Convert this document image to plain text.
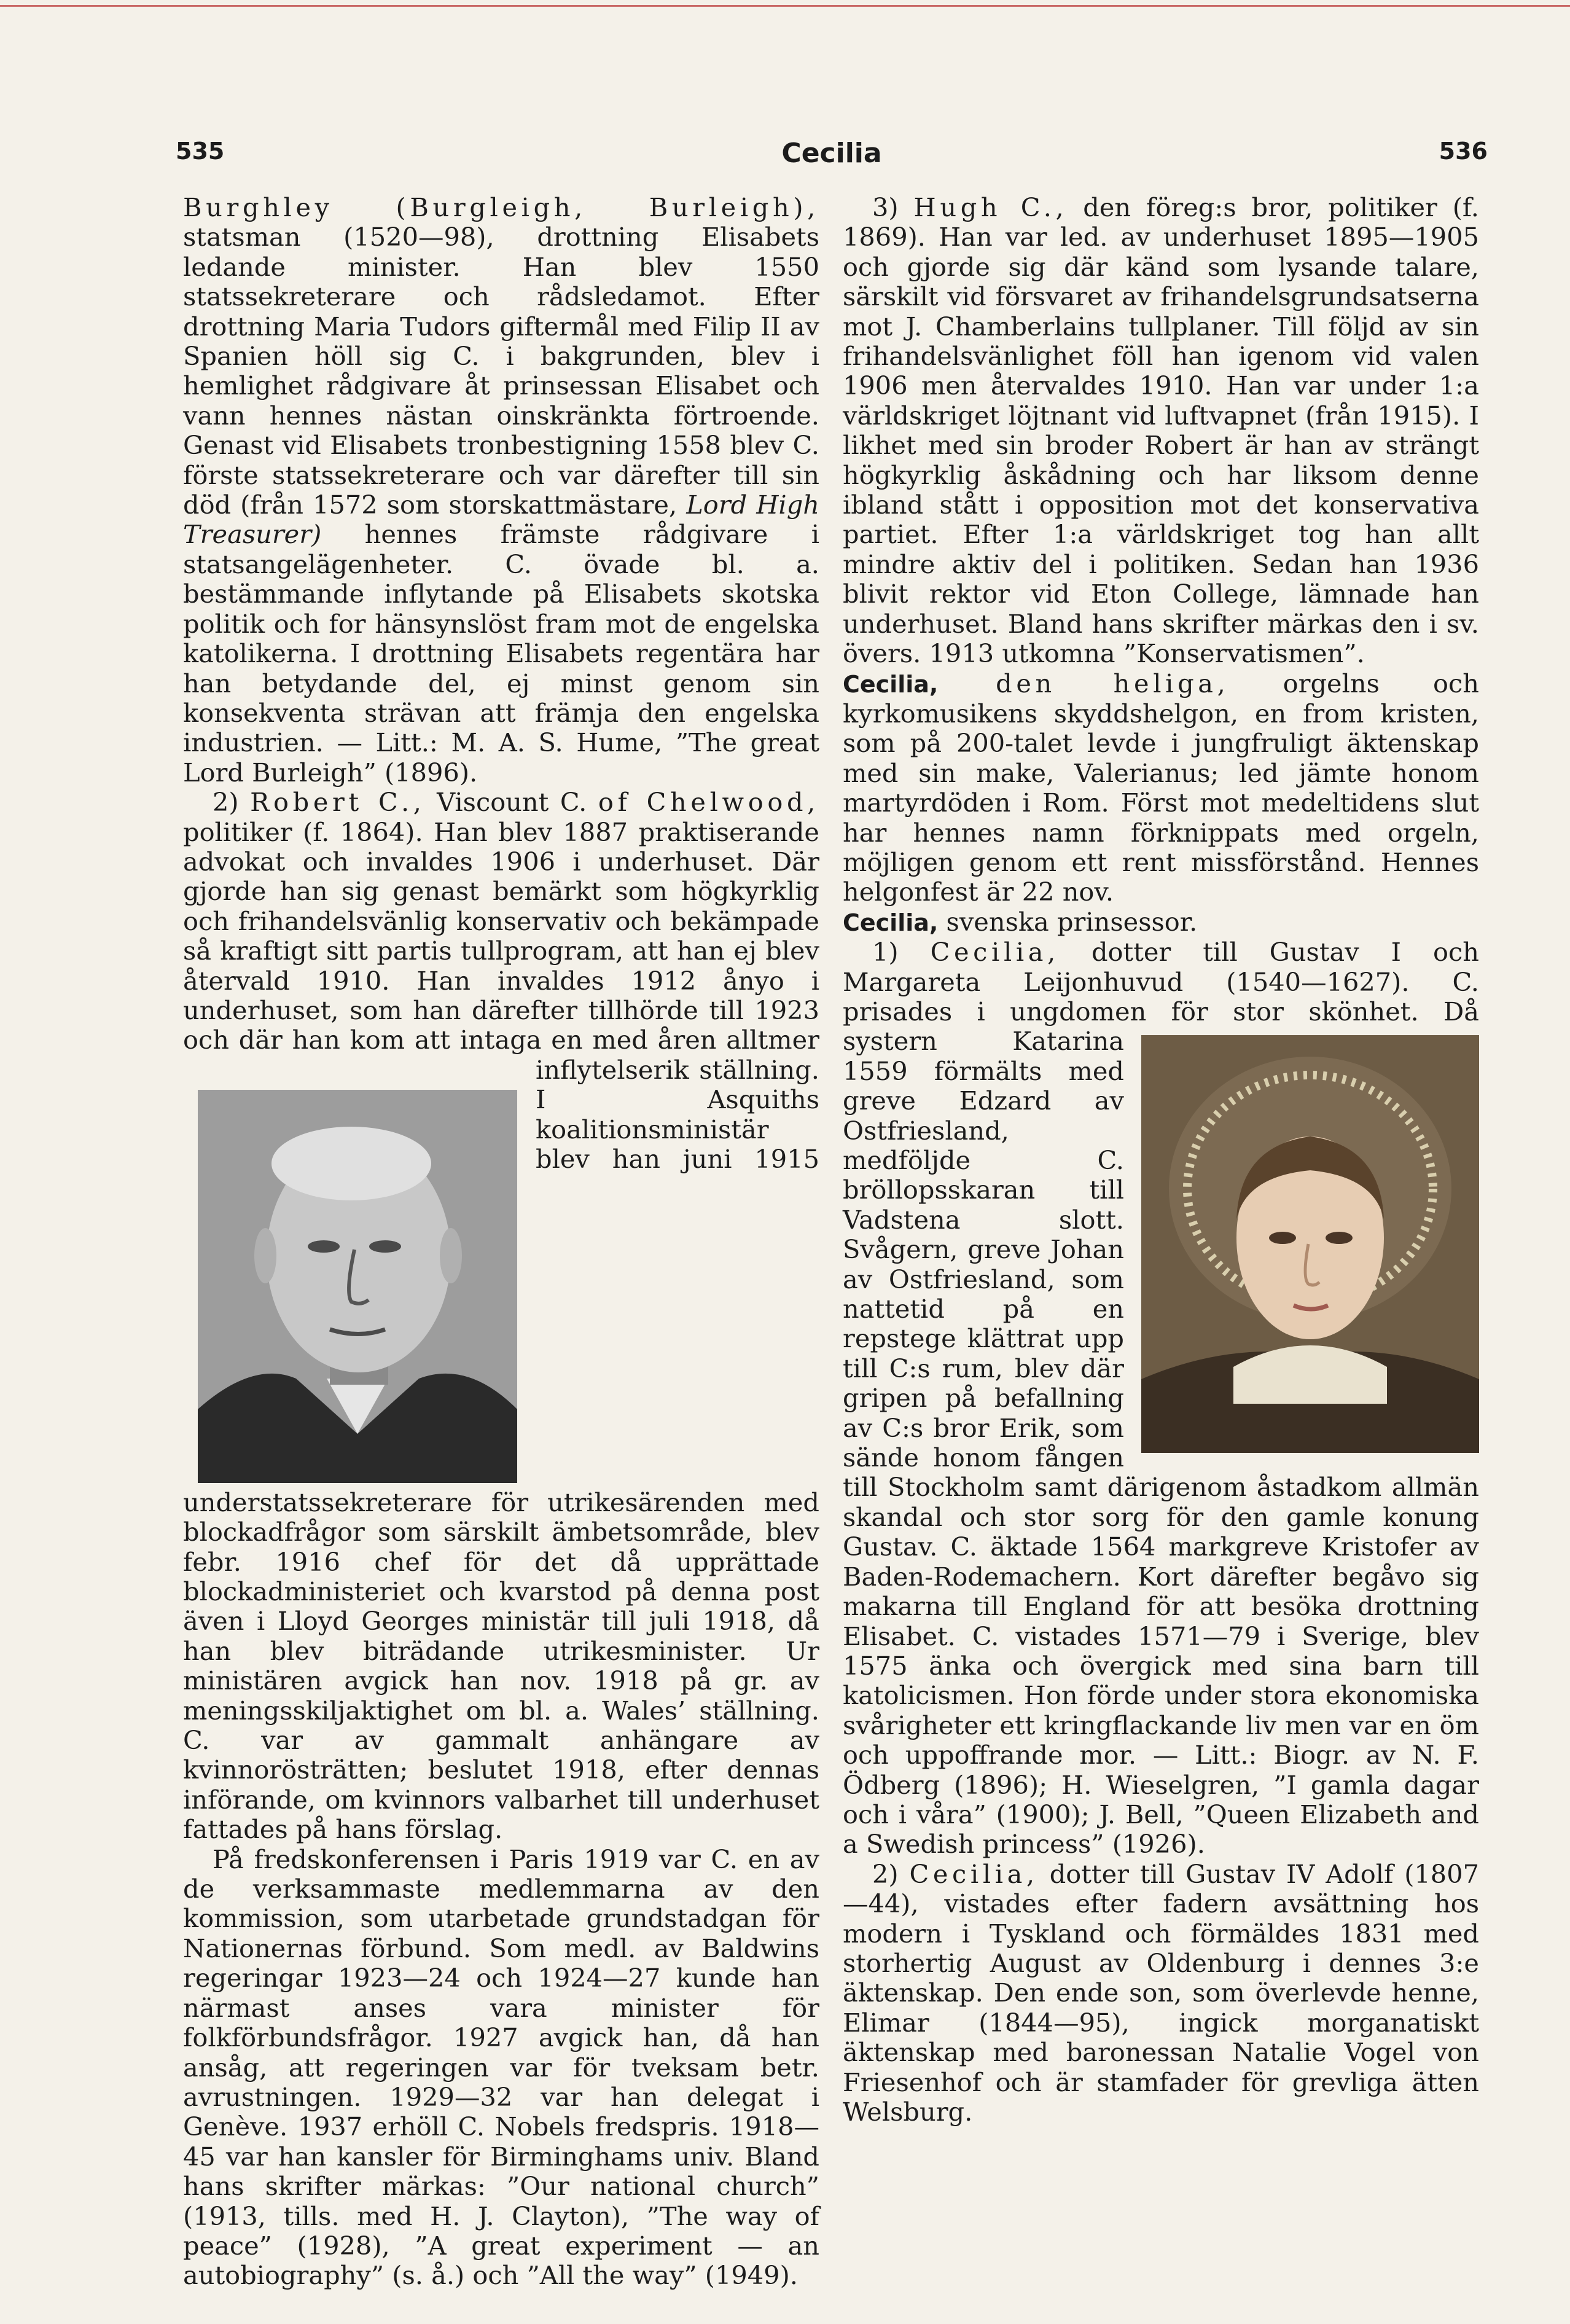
535	Cecilia	536

Burghley (Burgleigh, Burleigh), statsman (1520—98), drottning Elisabets ledande minister. Han blev 1550 statssekreterare och rådsledamot. Efter drottning Maria Tudors giftermål med Filip II av Spanien höll sig C. i bakgrunden, blev i hemlighet rådgivare åt prinsessan Elisabet och vann hennes nästan oinskränkta förtroende. Genast vid Elisabets tronbestigning 1558 blev C. förste statssekreterare och var därefter till sin död (från 1572 som storskattmästare, Lord High Treasurer) hennes främste rådgivare i statsangelägenheter. C. övade bl. a. bestämmande inflytande på Elisabets skotska politik och for hänsynslöst fram mot de engelska katolikerna. I drottning Elisabets regentära har han betydande del, ej minst genom sin konsekventa strävan att främja den engelska industrien. — Litt.: M. A. S. Hume, ”The great Lord Burleigh” (1896).

2) Robert C., Viscount C. of Chelwood, politiker (f. 1864). Han blev 1887 praktiserande advokat och invaldes 1906 i underhuset. Där gjorde han sig genast bemärkt som högkyrklig och frihandelsvänlig konservativ och bekämpade så kraftigt sitt partis tullprogram, att han ej blev återvald 1910. Han invaldes 1912 ånyo i underhuset, som han därefter tillhörde till 1923 och där han kom att intaga en med åren alltmer inflytelserik
ställning. I Asquiths koalitionsministär blev han juni 1915 understatssekreterare för utrikesärenden med blockadfrågor som särskilt ämbetsområde, blev febr. 1916 chef för det då upprättade blockadministeriet och kvarstod på denna post även i Lloyd Georges ministär till juli 1918, då han blev biträdande utrikesminister. Ur ministären avgick han nov. 1918 på gr. av meningsskiljaktighet om bl. a. Wales’ ställning. C. var av gammalt anhängare av kvinnorösträtten; beslutet 1918, efter dennas införande, om kvinnors valbarhet till underhuset fattades på hans förslag.

På fredskonferensen i Paris 1919 var C. en av de verksammaste medlemmarna av den kommission, som utarbetade grundstadgan för Nationernas förbund. Som medl. av Baldwins regeringar 1923—24 och 1924—27 kunde han närmast anses vara minister för folkförbundsfrågor. 1927 avgick han, då han ansåg, att regeringen var för tveksam betr. avrustningen. 1929—32 var han delegat i Genève. 1937 erhöll C. Nobels fredspris. 1918—45 var han kansler för Birminghams univ. Bland hans skrifter märkas: ”Our national church” (1913, tills. med H. J. Clayton), ”The way of peace” (1928), ”A great experiment — an autobiography” (s. å.) och ”All the way” (1949).

3) Hugh C., den föreg:s bror, politiker (f. 1869). Han var led. av underhuset 1895—1905 och gjorde sig där känd som lysande talare, särskilt vid försvaret av frihandelsgrundsatserna mot J. Chamberlains tullplaner. Till följd av sin frihandelsvänlighet föll han igenom vid valen 1906 men återvaldes 1910. Han var under 1:a världskriget löjtnant vid luftvapnet (från 1915). I likhet med sin broder Robert är han av strängt högkyrklig åskådning och har liksom denne ibland stått i opposition mot det konservativa partiet. Efter 1:a världskriget tog han allt mindre aktiv del i politiken. Sedan han 1936 blivit rektor vid Eton College, lämnade han underhuset. Bland hans skrifter märkas den i sv. övers. 1913 utkomna ”Konservatismen”.

Cecilia, den heliga, orgelns och kyrkomusikens skyddshelgon, en from kristen, som på 200-talet levde i jungfruligt äktenskap med sin make, Valerianus; led jämte honom martyrdöden i Rom. Först mot medeltidens slut har hennes namn förknippats med orgeln, möjligen genom ett rent missförstånd. Hennes helgonfest är 22 nov.

Cecilia, svenska prinsessor.

1) Cecilia, dotter till Gustav I och Margareta Leijonhuvud (1540—1627). C. prisades i ungdomen för stor skönhet. Då systern Katarina
1559 förmälts med greve Edzard av Ostfriesland, medföljde C. bröllopsskaran till Vadstena slott. Svågern, greve Johan av Ostfriesland, som nattetid på en repstege klättrat upp till C:s rum, blev där gripen på befallning av C:s bror Erik, som sände honom fången till Stockholm samt därigenom åstadkom allmän skandal och stor sorg för den gamle konung Gustav. C. äktade 1564 markgreve Kristofer av Baden-Rodemachern. Kort därefter begåvo sig makarna till England för att besöka drottning Elisabet. C. vistades 1571—79 i Sverige, blev 1575 änka och övergick med sina barn till katolicismen. Hon förde under stora ekonomiska svårigheter ett kringflackande liv men var en öm och uppoffrande mor. — Litt.: Biogr. av N. F. Ödberg (1896); H. Wieselgren, ”I gamla dagar och i våra” (1900); J. Bell, ”Queen Elizabeth and a Swedish princess” (1926).

2) Cecilia, dotter till Gustav IV Adolf (1807—44), vistades efter fadern avsättning hos modern i Tyskland och förmäldes 1831 med storhertig August av Oldenburg i dennes 3:e äktenskap. Den ende son, som överlevde henne, Elimar (1844—95), ingick morganatiskt äktenskap med baronessan Natalie Vogel von Friesenhof och är stamfader för grevliga ätten Welsburg.
